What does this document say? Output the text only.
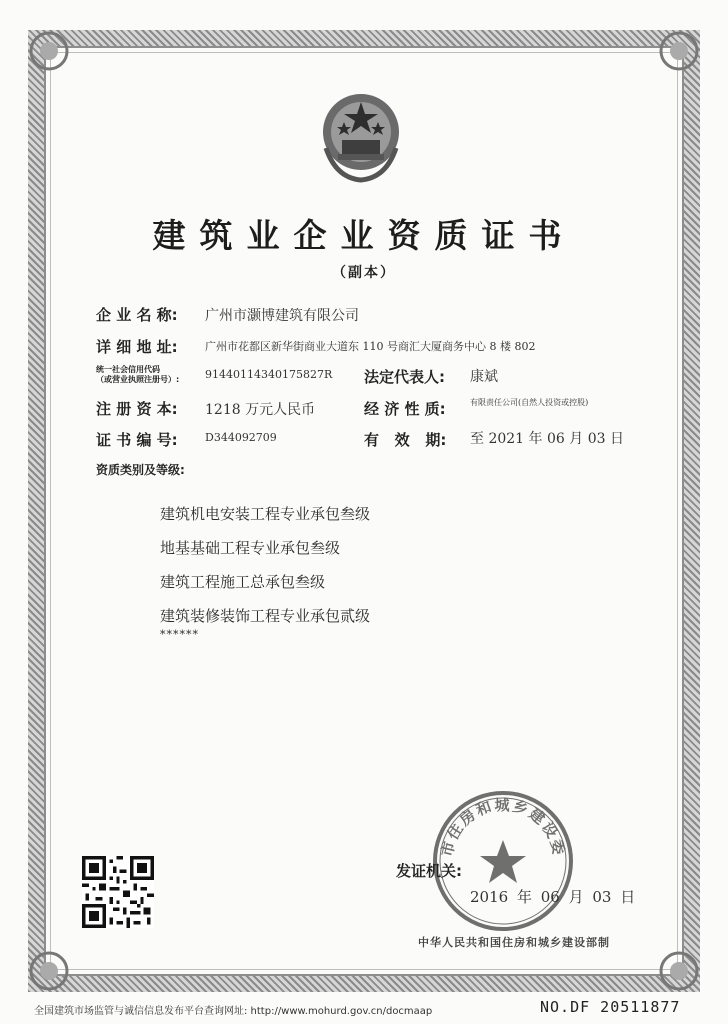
建筑业企业资质证书
（副本）
企 业 名 称: 广州市灏博建筑有限公司
详 细 地 址: 广州市花都区新华街商业大道东 110 号商汇大厦商务中心 8 楼 802
统一社会信用代码
（或营业执照注册号）: 91440114340175827R 法定代表人: 康斌
注 册 资 本: 1218 万元人民币	经 济 性 质:	有限责任公司(自然人投资或控股)
证 书 编 号: D344092709	有   效   期: 至 2021 年 06 月 03 日
资质类别及等级:
建筑机电安装工程专业承包叁级
地基基础工程专业承包叁级
建筑工程施工总承包叁级
建筑装修装饰工程专业承包贰级
******
市住房和城乡建设委
发证机关:
2016 年 06 月 03 日
中华人民共和国住房和城乡建设部制
全国建筑市场监管与诚信信息发布平台查询网址: http://www.mohurd.gov.cn/docmaap	NO.DF 20511877
